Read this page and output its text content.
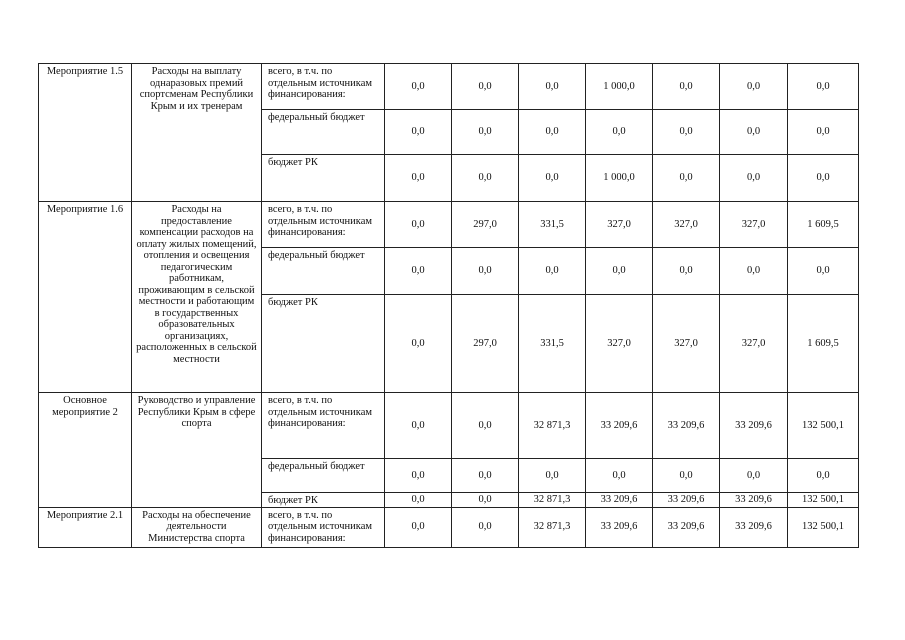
Мероприятие 1.5	Расходы на выплату однаразовых премий спортсменам Республики Крым и их тренерам	всего, в т.ч. по отдельным источникам финансирования:	0,0	0,0	0,0	1 000,0	0,0	0,0	0,0
		федеральный бюджет	0,0	0,0	0,0	0,0	0,0	0,0	0,0
		бюджет РК	0,0	0,0	0,0	1 000,0	0,0	0,0	0,0
Мероприятие 1.6	Расходы на предоставление компенсации расходов на оплату жилых помещений, отопления и освещения педагогическим работникам, проживающим в сельской местности и работающим в государственных образовательных организациях, расположенных в сельской местности	всего, в т.ч. по отдельным источникам финансирования:	0,0	297,0	331,5	327,0	327,0	327,0	1 609,5
		федеральный бюджет	0,0	0,0	0,0	0,0	0,0	0,0	0,0
		бюджет РК	0,0	297,0	331,5	327,0	327,0	327,0	1 609,5
Основное мероприятие 2	Руководство и управление Республики Крым в сфере спорта	всего, в т.ч. по отдельным источникам финансирования:	0,0	0,0	32 871,3	33 209,6	33 209,6	33 209,6	132 500,1
		федеральный бюджет	0,0	0,0	0,0	0,0	0,0	0,0	0,0
		бюджет РК	0,0	0,0	32 871,3	33 209,6	33 209,6	33 209,6	132 500,1
Мероприятие 2.1	Расходы на обеспечение деятельности Министерства спорта	всего, в т.ч. по отдельным источникам финансирования:	0,0	0,0	32 871,3	33 209,6	33 209,6	33 209,6	132 500,1
